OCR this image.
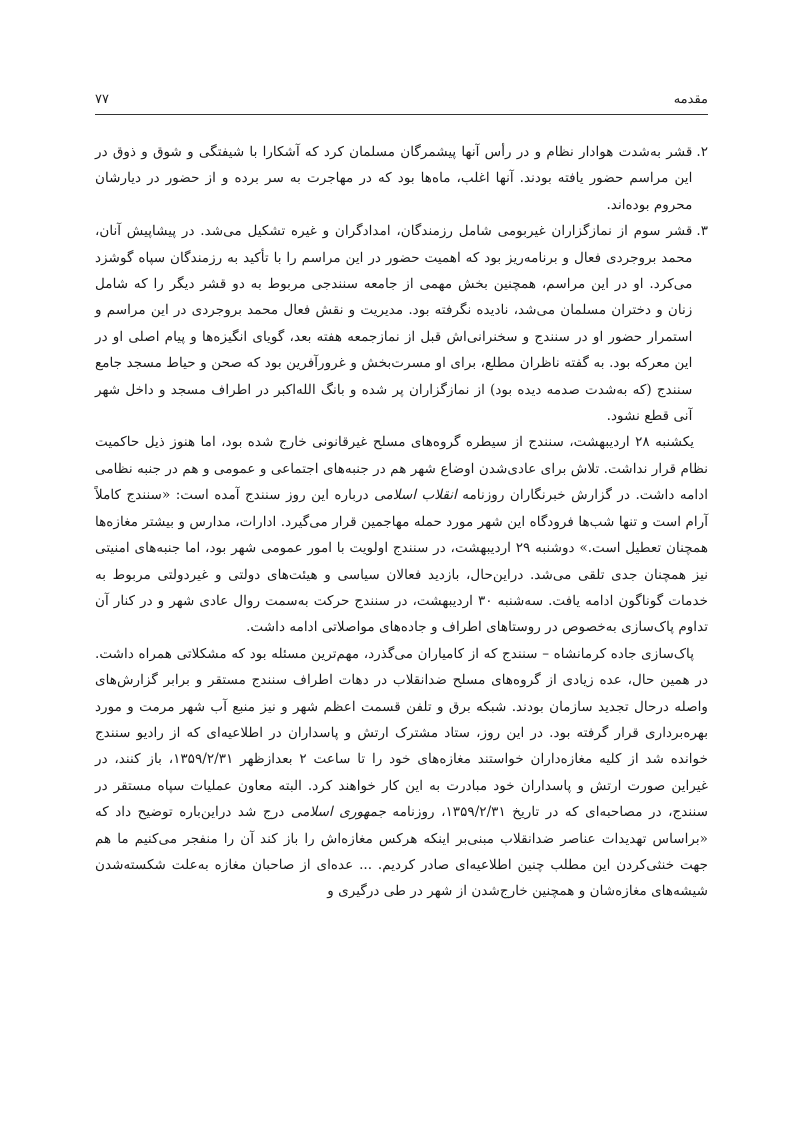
مقدمه
۷۷
۲.
قشر به‌شدت هوادار نظام و در رأس آنها پیشمرگان مسلمان کرد که آشکارا با شیفتگی و شوق و ذوق در این مراسم حضور یافته بودند. آنها اغلب، ماه‌ها بود که در مهاجرت به سر برده و از حضور در دیارشان محروم بوده‌اند.
۳.
قشر سوم از نمازگزاران غیربومی شامل رزمندگان، امدادگران و غیره تشکیل می‌شد. در پیشاپیش آنان، محمد بروجردی فعال و برنامه‌ریز بود که اهمیت حضور در این مراسم را با تأکید به رزمندگان سپاه گوشزد می‌کرد. او در این مراسم، همچنین بخش مهمی از جامعه سنندجی مربوط به دو قشر دیگر را که شامل زنان و دختران مسلمان می‌شد، نادیده نگرفته بود. مدیریت و نقش فعال محمد بروجردی در این مراسم و استمرار حضور او در سنندج و سخنرانی‌اش قبل از نمازجمعه هفته بعد، گویای انگیزه‌ها و پیام اصلی او در این معرکه بود. به گفته ناظران مطلع، برای او مسرت‌بخش و غرورآفرین بود که صحن و حیاط مسجد جامع سنندج (که به‌شدت صدمه دیده بود) از نمازگزاران پر شده و بانگ الله‌اکبر در اطراف مسجد و داخل شهر آنی قطع نشود.

یکشنبه ۲۸ اردیبهشت، سنندج از سیطره گروه‌های مسلح غیرقانونی خارج شده بود، اما هنوز ذیل حاکمیت نظام قرار نداشت. تلاش برای عادی‌شدن اوضاع شهر هم در جنبه‌های اجتماعی و عمومی و هم در جنبه نظامی ادامه داشت. در گزارش خبرنگاران روزنامه انقلاب اسلامی درباره این روز سنندج آمده است: «سنندج کاملاً آرام است و تنها شب‌ها فرودگاه این شهر مورد حمله مهاجمین قرار می‌گیرد. ادارات، مدارس و بیشتر مغازه‌ها همچنان تعطیل است.» دوشنبه ۲۹ اردیبهشت، در سنندج اولویت با امور عمومی شهر بود، اما جنبه‌های امنیتی نیز همچنان جدی تلقی می‌شد. دراین‌حال، بازدید فعالان سیاسی و هیئت‌های دولتی و غیردولتی مربوط به خدمات گوناگون ادامه یافت. سه‌شنبه ۳۰ اردیبهشت، در سنندج حرکت به‌سمت روال عادی شهر و در کنار آن تداوم پاک‌سازی به‌خصوص در روستاهای اطراف و جاده‌های مواصلاتی ادامه داشت.

پاک‌سازی جاده کرمانشاه – سنندج که از کامیاران می‌گذرد، مهم‌ترین مسئله بود که مشکلاتی همراه داشت. در همین حال، عده زیادی از گروه‌های مسلح ضدانقلاب در دهات اطراف سنندج مستقر و برابر گزارش‌های واصله درحال تجدید سازمان بودند. شبکه برق و تلفن قسمت اعظم شهر و نیز منبع آب شهر مرمت و مورد بهره‌برداری قرار گرفته بود. در این روز، ستاد مشترک ارتش و پاسداران در اطلاعیه‌ای که از رادیو سنندج خوانده شد از کلیه مغازه‌داران خواستند مغازه‌های خود را تا ساعت ۲ بعدازظهر ۱۳۵۹/۲/۳۱، باز کنند، در غیراین صورت ارتش و پاسداران خود مبادرت به این کار خواهند کرد. البته معاون عملیات سپاه مستقر در سنندج، در مصاحبه‌ای که در تاریخ ۱۳۵۹/۲/۳۱، روزنامه جمهوری اسلامی درج شد دراین‌باره توضیح داد که «براساس تهدیدات عناصر ضدانقلاب مبنی‌بر اینکه هرکس مغازه‌اش را باز کند آن را منفجر می‌کنیم ما هم جهت خنثی‌کردن این مطلب چنین اطلاعیه‌ای صادر کردیم. ... عده‌ای از صاحبان مغازه به‌علت شکسته‌شدن شیشه‌های مغازه‌شان و همچنین خارج‌شدن از شهر در طی درگیری و
